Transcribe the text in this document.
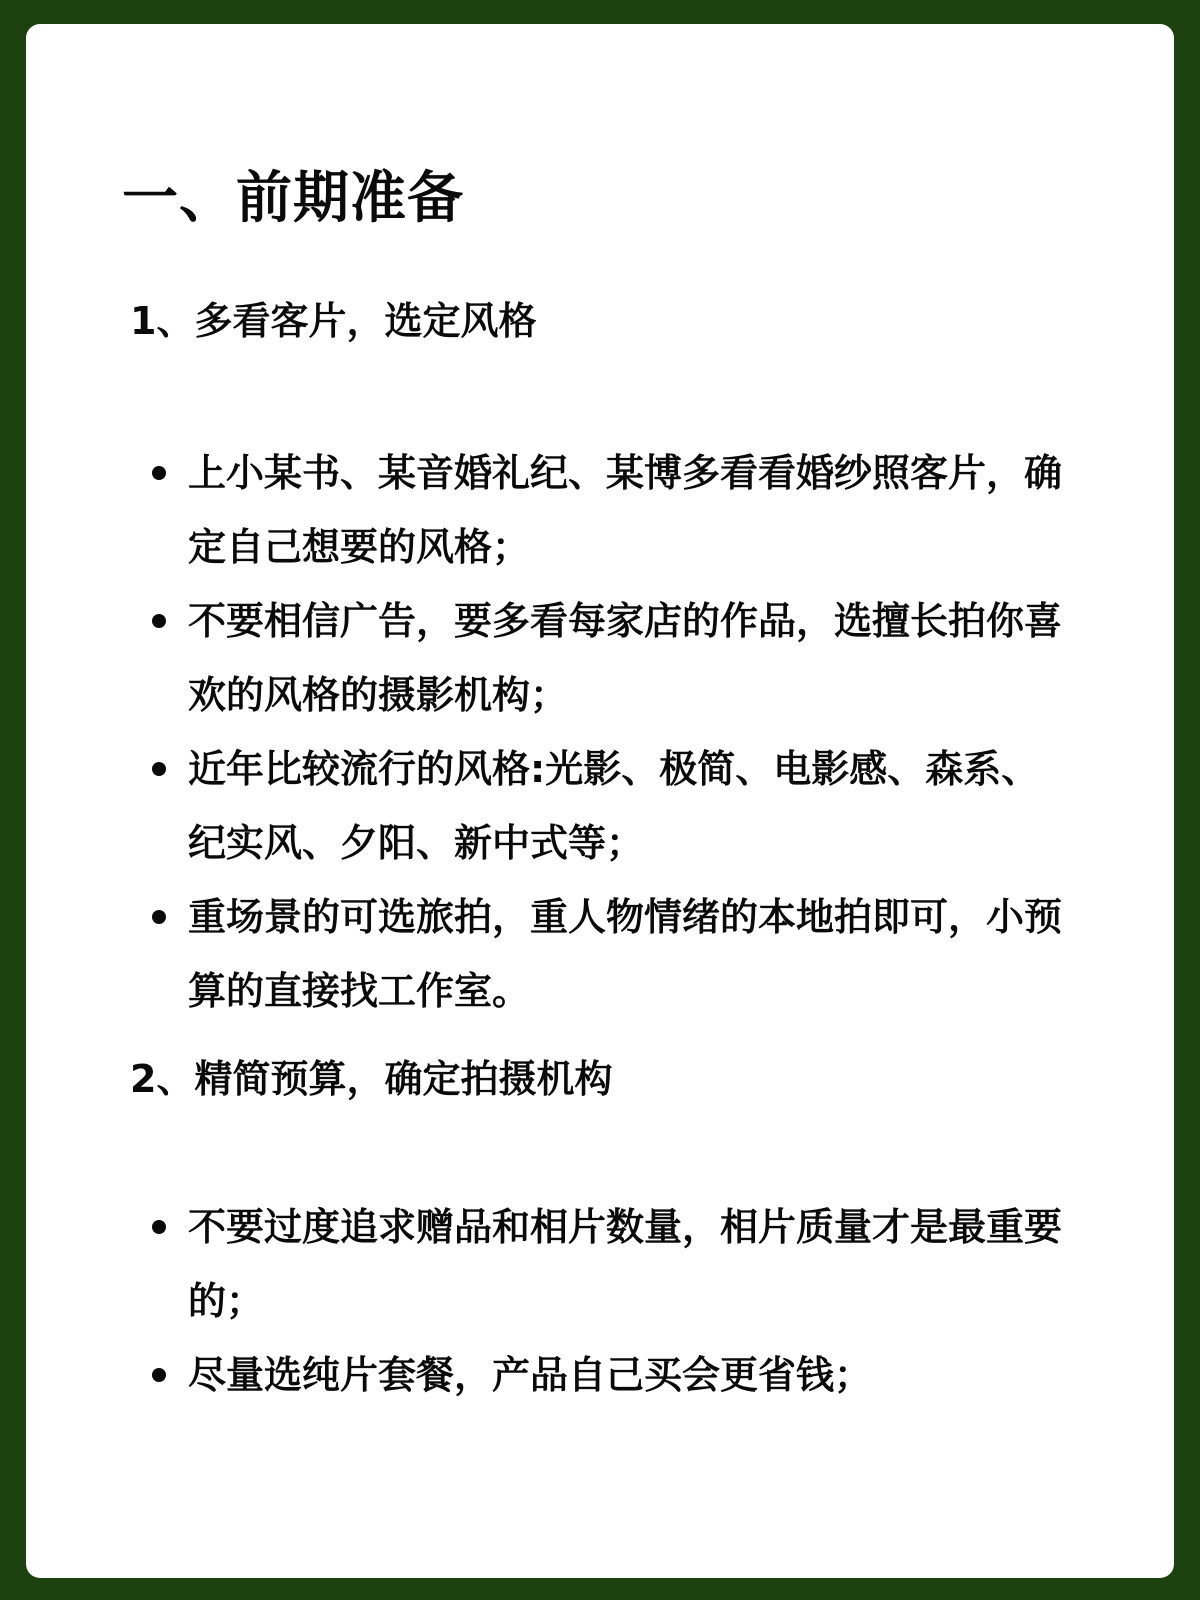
一、前期准备
1、多看客片，选定风格
上小某书、某音婚礼纪、某博多看看婚纱照客片，确定自己想要的风格；
不要相信广告，要多看每家店的作品，选擅长拍你喜欢的风格的摄影机构；
近年比较流行的风格:光影、极简、电影感、森系、 纪实风、夕阳、新中式等；
重场景的可选旅拍，重人物情绪的本地拍即可，小预算的直接找工作室。
2、精简预算，确定拍摄机构
不要过度追求赠品和相片数量，相片质量才是最重要的；
尽量选纯片套餐，产品自己买会更省钱；
